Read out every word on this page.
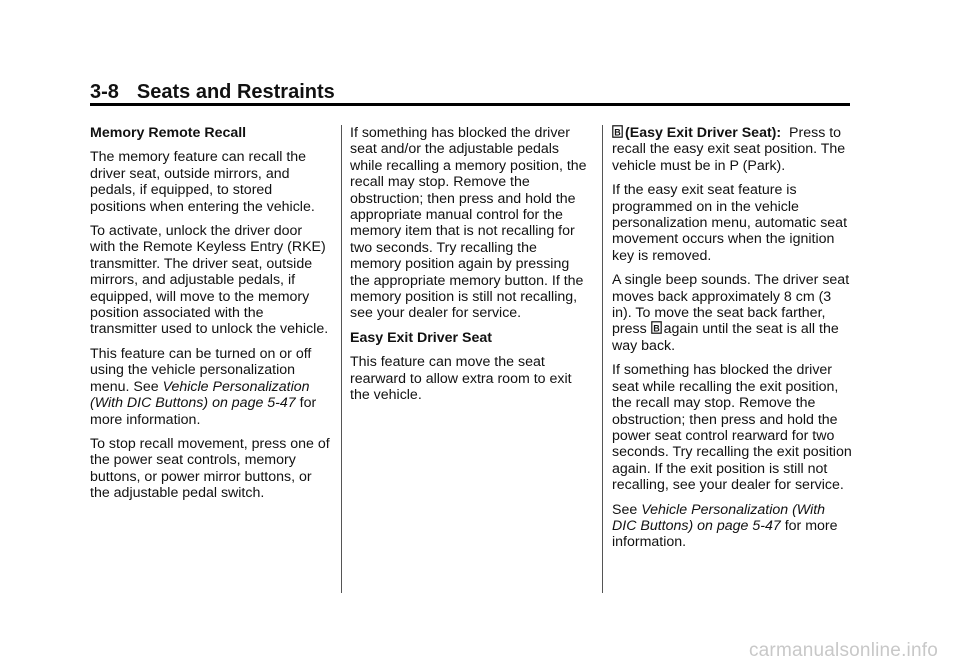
3-8 Seats and Restraints

Memory Remote Recall

The memory feature can recall the driver seat, outside mirrors, and pedals, if equipped, to stored positions when entering the vehicle.

To activate, unlock the driver door with the Remote Keyless Entry (RKE) transmitter. The driver seat, outside mirrors, and adjustable pedals, if equipped, will move to the memory position associated with the transmitter used to unlock the vehicle.

This feature can be turned on or off using the vehicle personalization menu. See Vehicle Personalization (With DIC Buttons) on page 5‑47 for more information.

To stop recall movement, press one of the power seat controls, memory buttons, or power mirror buttons, or the adjustable pedal switch.

If something has blocked the driver seat and/or the adjustable pedals while recalling a memory position, the recall may stop. Remove the obstruction; then press and hold the appropriate manual control for the memory item that is not recalling for two seconds. Try recalling the memory position again by pressing the appropriate memory button. If the memory position is still not recalling, see your dealer for service.

Easy Exit Driver Seat

This feature can move the seat rearward to allow extra room to exit the vehicle.

B (Easy Exit Driver Seat): Press to recall the easy exit seat position. The vehicle must be in P (Park).

If the easy exit seat feature is programmed on in the vehicle personalization menu, automatic seat movement occurs when the ignition key is removed.

A single beep sounds. The driver seat moves back approximately 8 cm (3 in). To move the seat back farther, press B again until the seat is all the way back.

If something has blocked the driver seat while recalling the exit position, the recall may stop. Remove the obstruction; then press and hold the power seat control rearward for two seconds. Try recalling the exit position again. If the exit position is still not recalling, see your dealer for service.

See Vehicle Personalization (With DIC Buttons) on page 5‑47 for more information.

carmanualsonline.info
